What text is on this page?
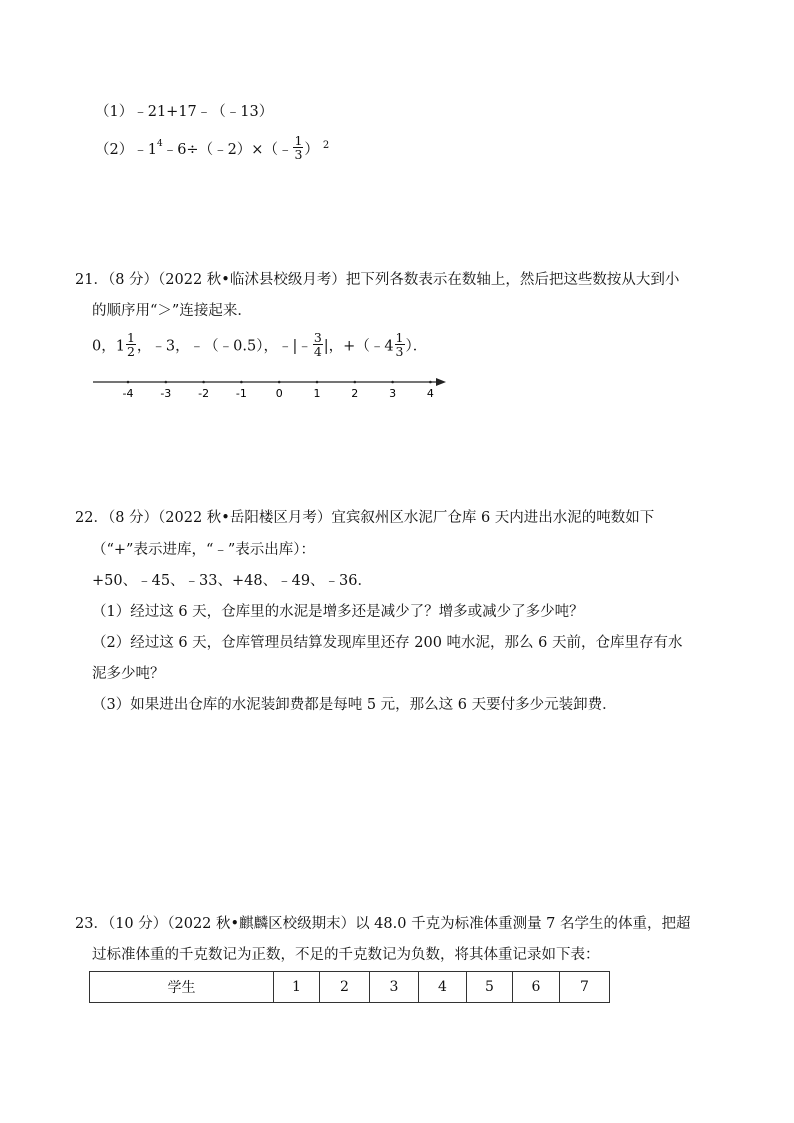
（1）﹣21+17﹣（﹣13）
$(2)﹣1^4﹣6\div(﹣2)\times(﹣ \frac{1}{3}$ ） $^2$
21．（8 分）（2022 秋•临沭县校级月考）把下列各数表示在数轴上，然后把这些数按从大到小
的顺序用“＞”连接起来．
0，$1 \frac{1}{2}$ ，﹣3，﹣（﹣0.5），﹣|﹣ $\frac{3}{4}$ |，+（﹣4 $\frac{1}{3}$ ）．
-4 -3 -2 -1	0	1	2	3	4
22．（8 分）（2022 秋•岳阳楼区月考）宜宾叙州区水泥厂仓库 6 天内进出水泥的吨数如下
（“+”表示进库，“﹣”表示出库）：
+50、﹣45、﹣33、+48、﹣49、﹣36．
（1）经过这 6 天，仓库里的水泥是增多还是减少了？增多或减少了多少吨？
（2）经过这 6 天，仓库管理员结算发现库里还存 200 吨水泥，那么 6 天前，仓库里存有水
泥多少吨？
（3）如果进出仓库的水泥装卸费都是每吨 5 元，那么这 6 天要付多少元装卸费．
23．（10 分）（2022 秋•麒麟区校级期末）以 48.0 千克为标准体重测量 7 名学生的体重，把超
过标准体重的千克数记为正数，不足的千克数记为负数，将其体重记录如下表：
学生	1	2	3	4	5	6	7
